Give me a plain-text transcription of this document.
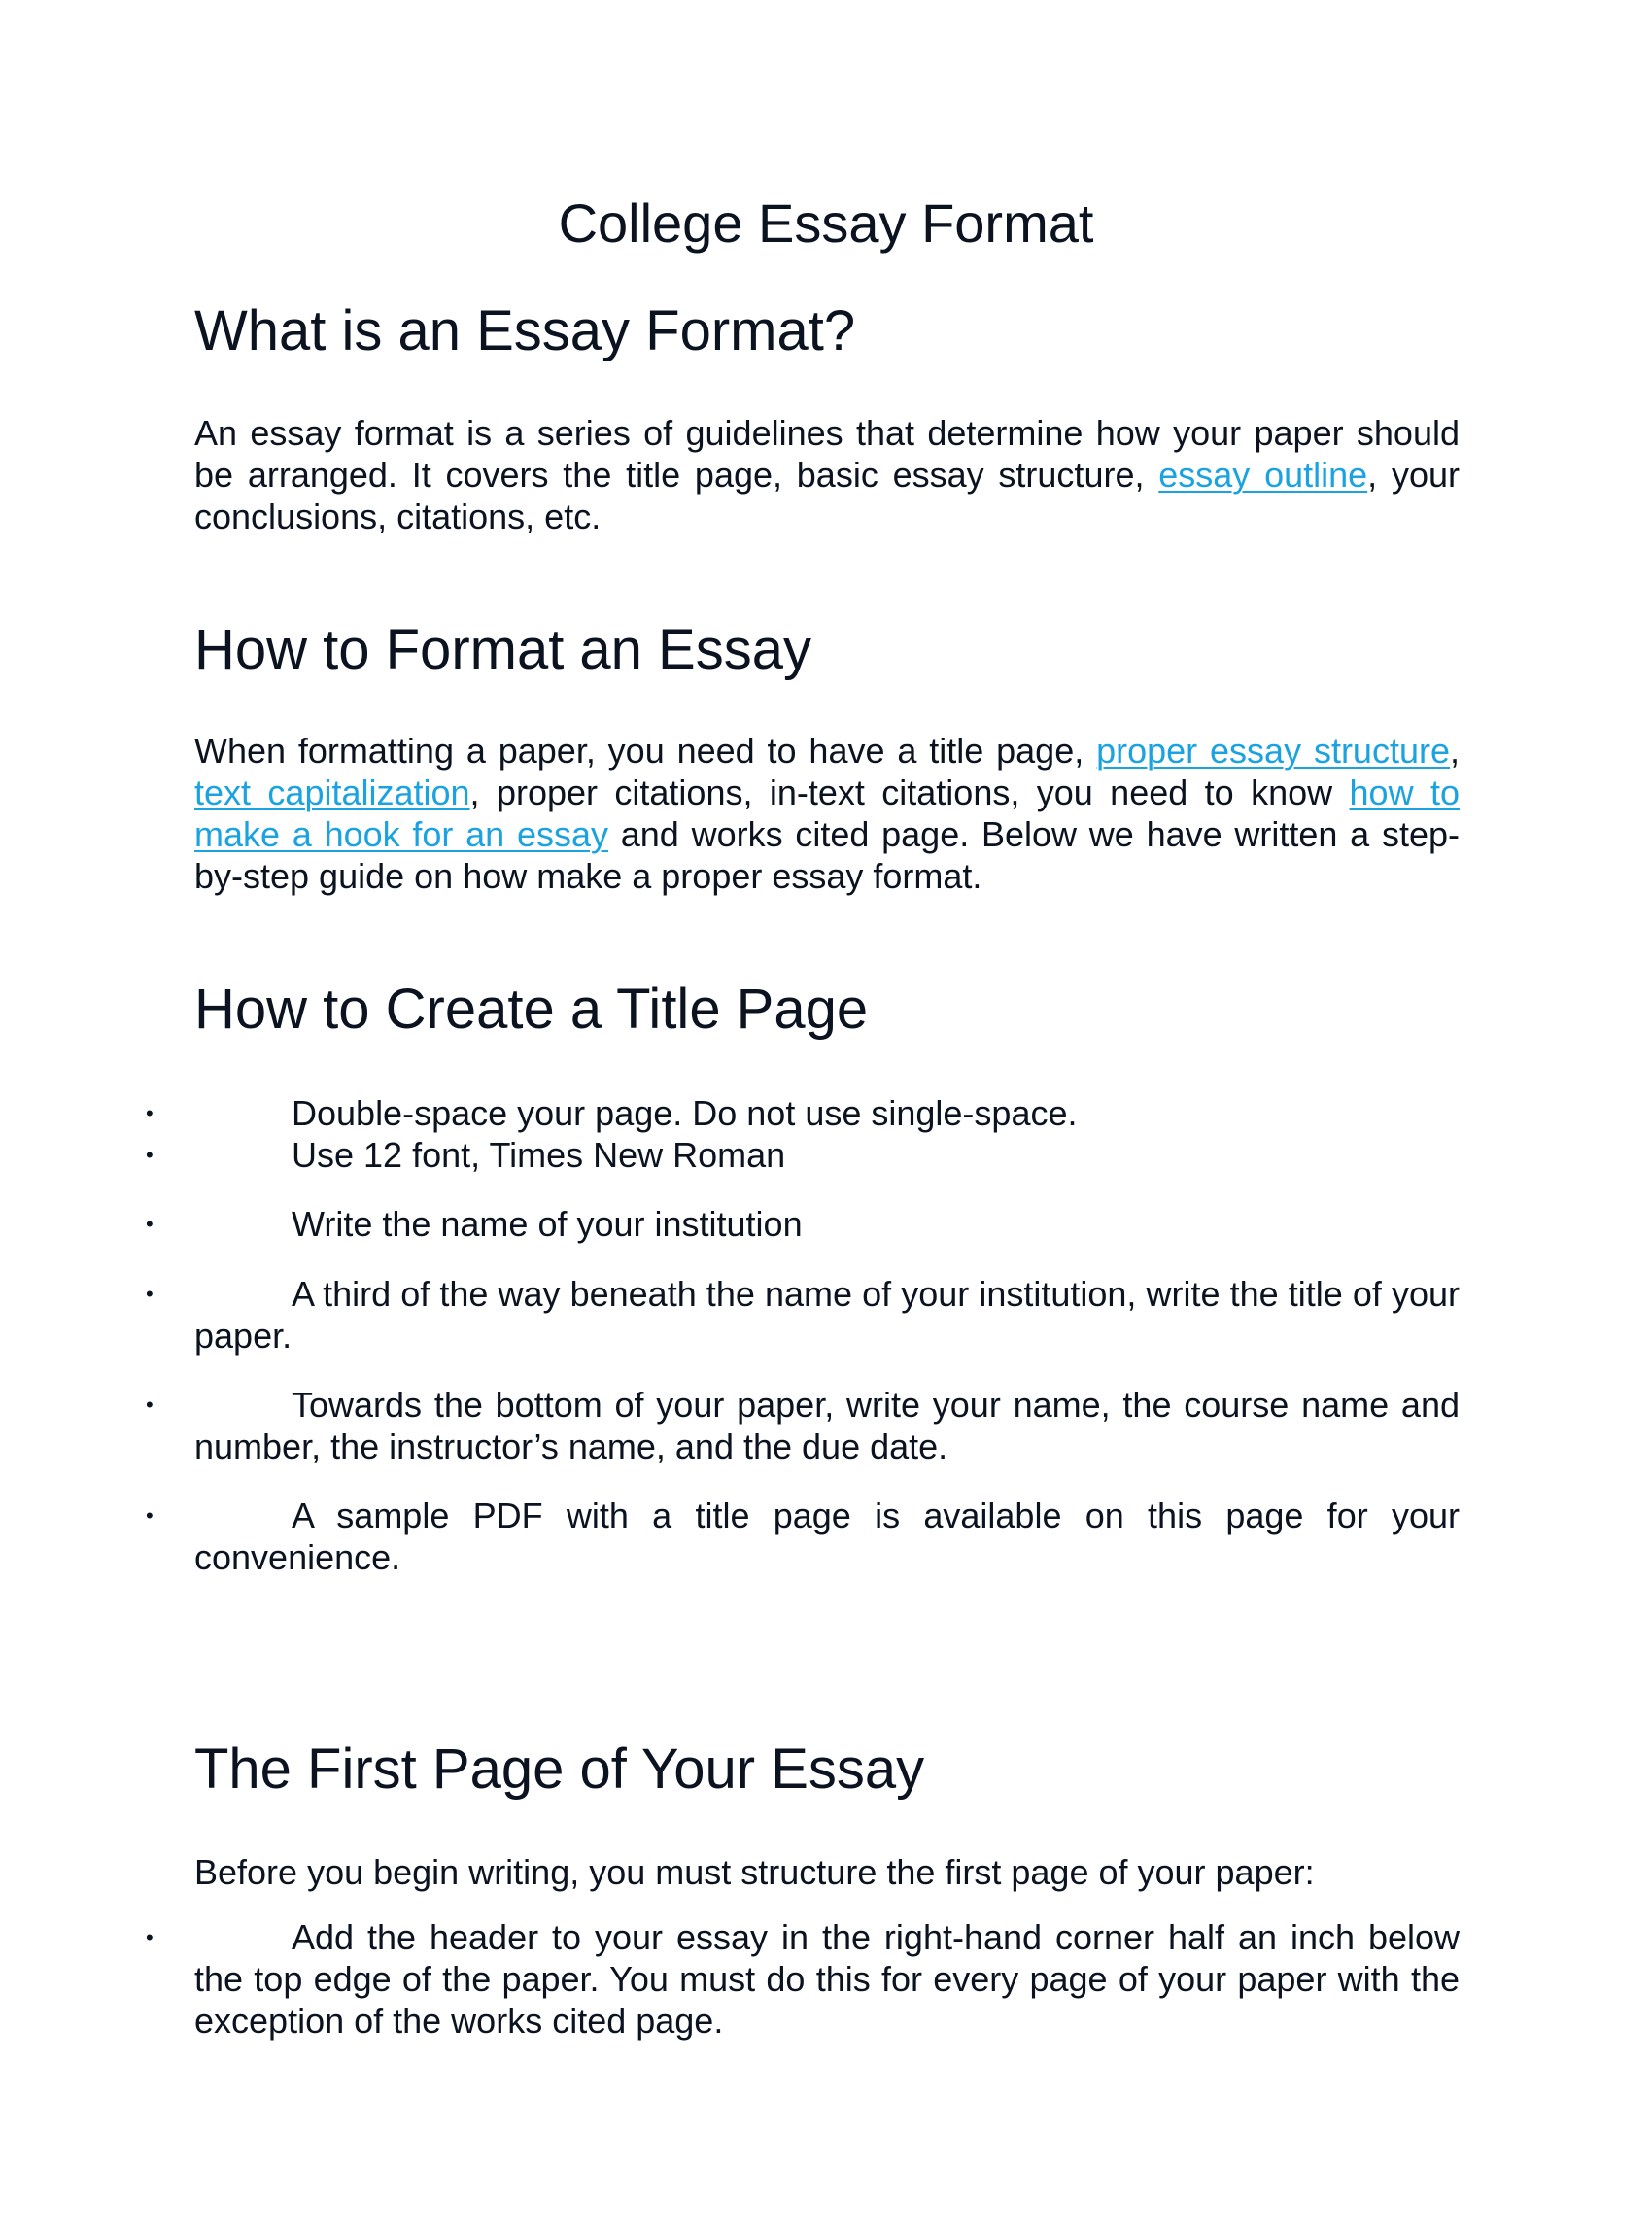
College Essay Format
What is an Essay Format?

An essay format is a series of guidelines that determine how your paper should be arranged. It covers the title page, basic essay structure, essay outline, your conclusions, citations, etc.

How to Format an Essay

When formatting a paper, you need to have a title page, proper essay structure, text capitalization, proper citations, in-text citations, you need to know how to make a hook for an essay and works cited page. Below we have written a step-by-step guide on how make a proper essay format.

How to Create a Title Page
•	Double-space your page. Do not use single-space.

•	Use 12 font, Times New Roman

•	Write the name of your institution

•	A third of the way beneath the name of your institution, write the title of your paper.

•	Towards the bottom of your paper, write your name, the course name and number, the instructor’s name, and the due date.

•	A sample PDF with a title page is available on this page for your convenience.

The First Page of Your Essay

Before you begin writing, you must structure the first page of your paper:

•	Add the header to your essay in the right-hand corner half an inch below the top edge of the paper. You must do this for every page of your paper with the exception of the works cited page.
